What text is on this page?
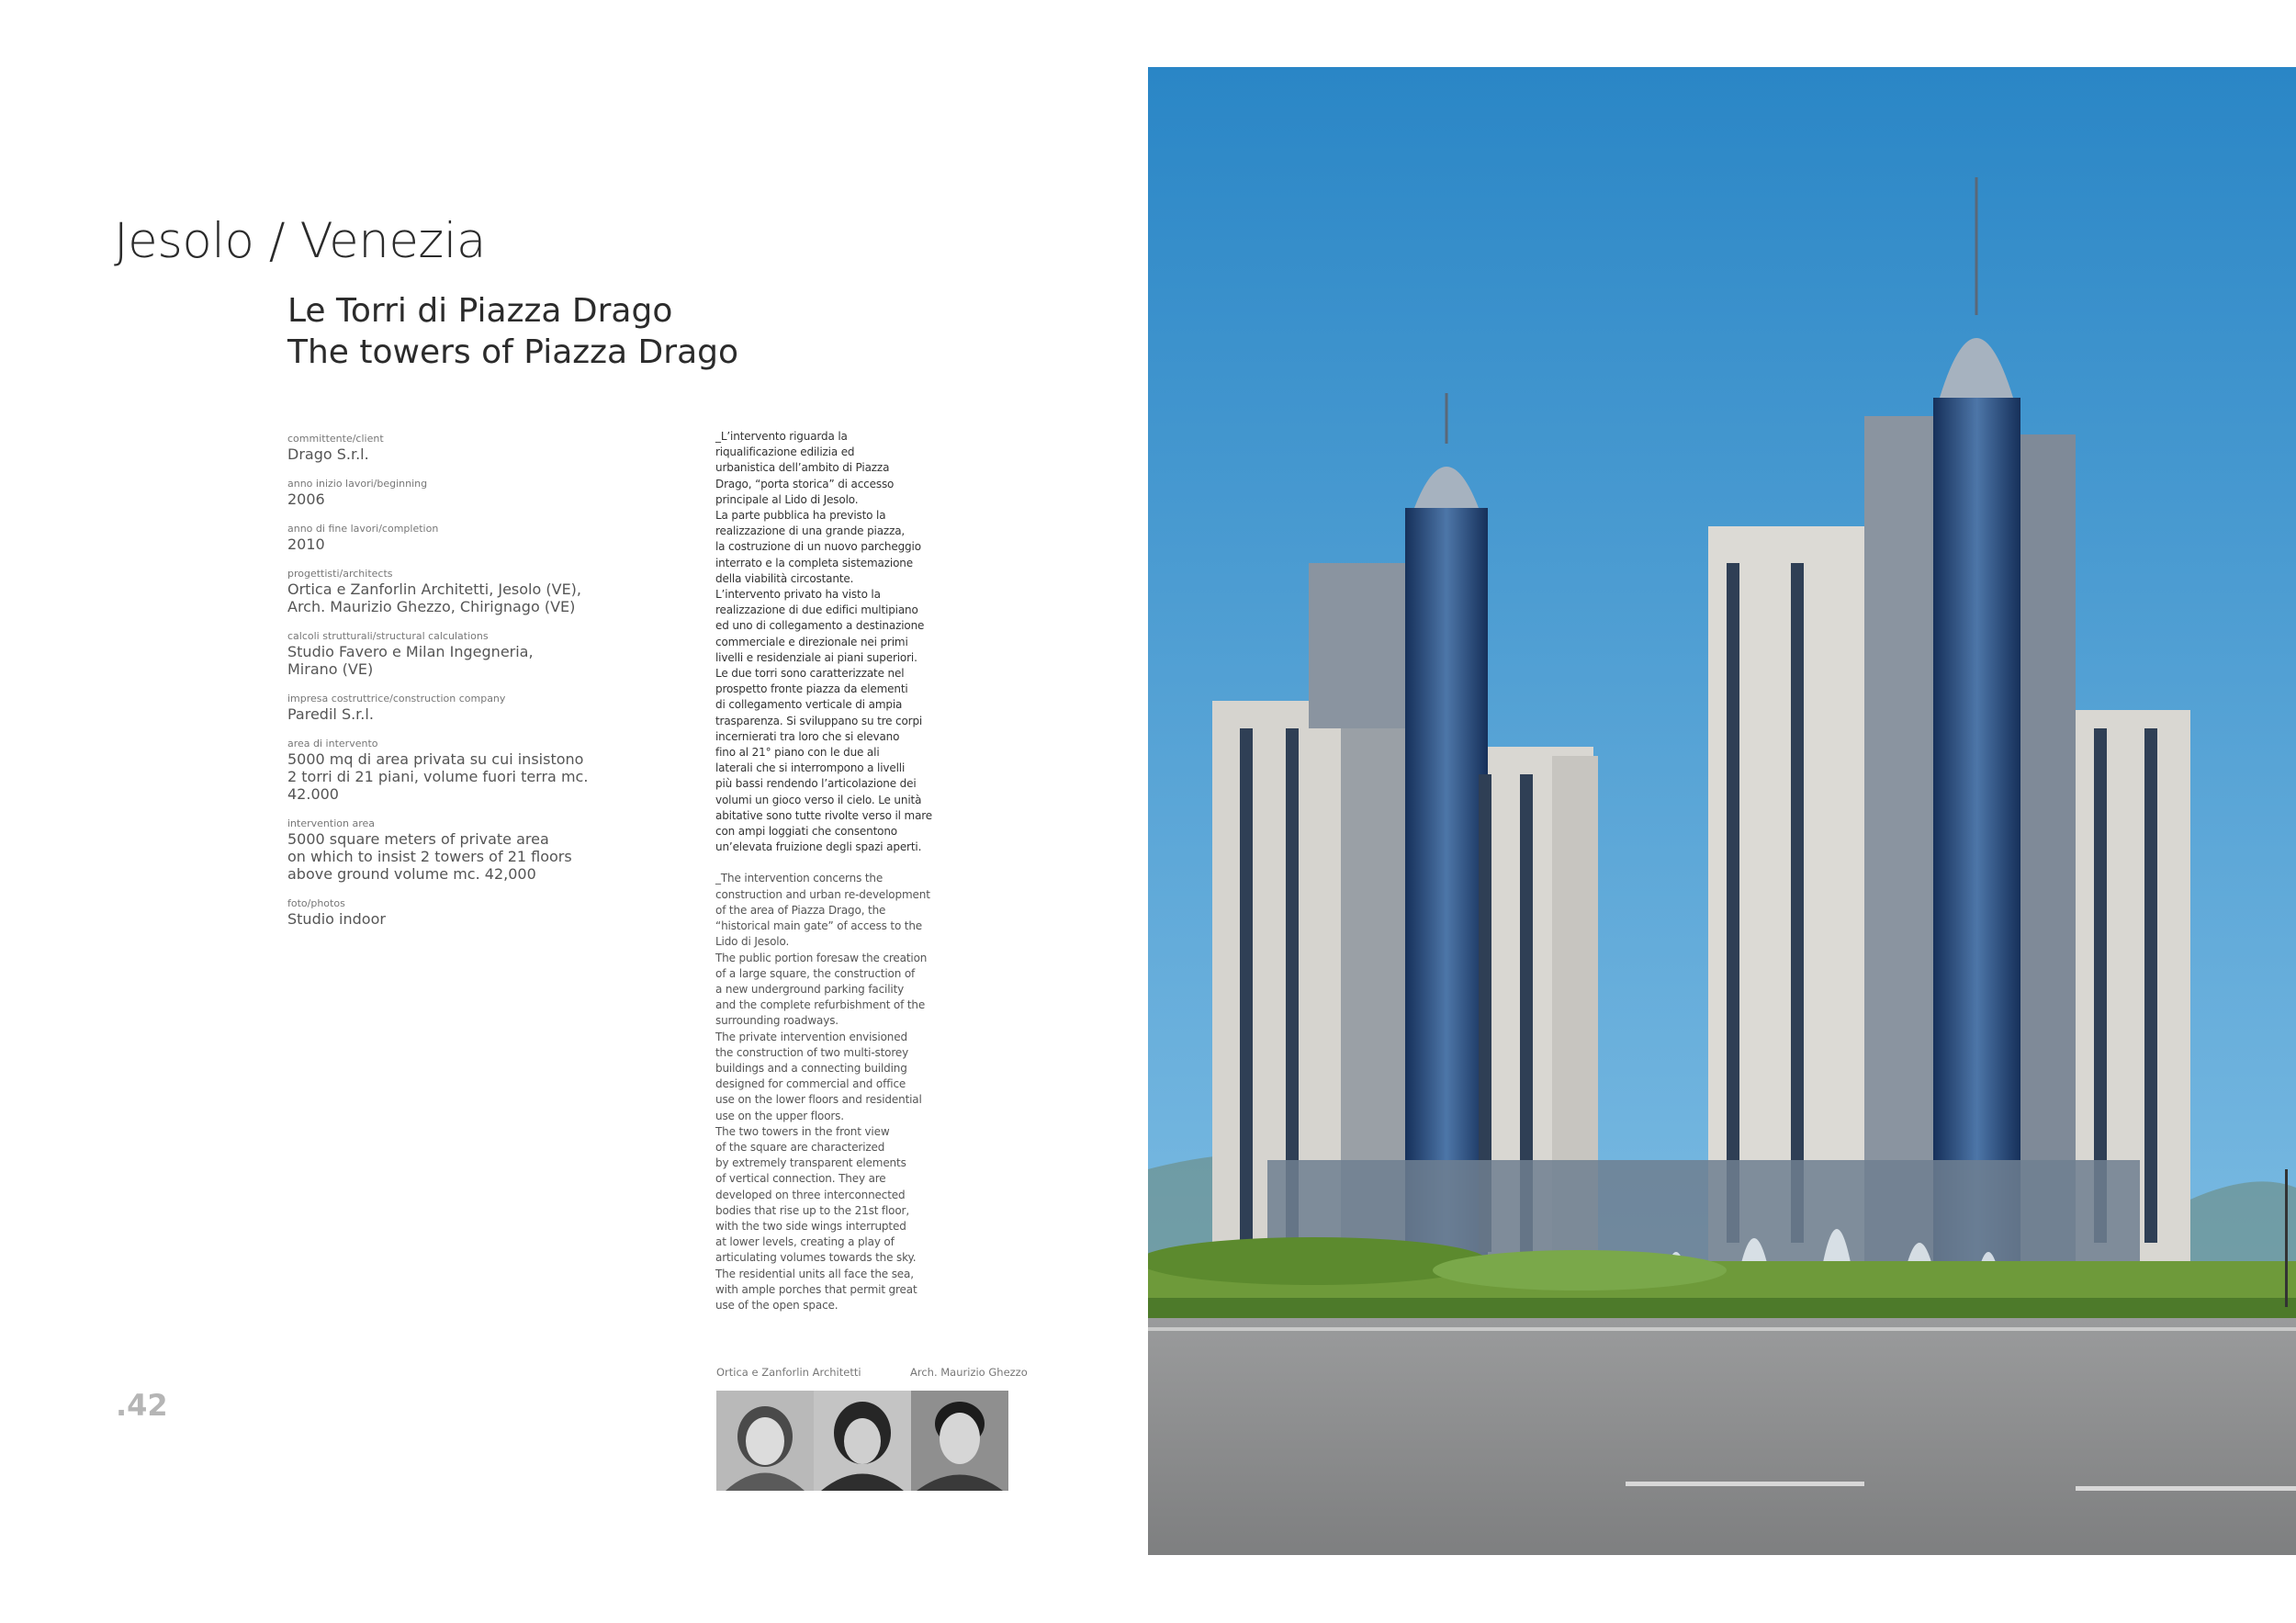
Jesolo / Venezia
Le Torri di Piazza Drago
The towers of Piazza Drago
committente/client
Drago S.r.l.
anno inizio lavori/beginning
2006
anno di fine lavori/completion
2010
progettisti/architects
Ortica e Zanforlin Architetti, Jesolo (VE),
Arch. Maurizio Ghezzo, Chirignago (VE)
calcoli strutturali/structural calculations
Studio Favero e Milan Ingegneria,
Mirano (VE)
impresa costruttrice/construction company
Paredil S.r.l.
area di intervento
5000 mq di area privata su cui insistono
2 torri di 21 piani, volume fuori terra mc.
42.000
intervention area
5000 square meters of private area
on which to insist 2 towers of 21 floors
above ground volume mc. 42,000
foto/photos
Studio indoor

_L’intervento riguarda la
riqualificazione edilizia ed
urbanistica dell’ambito di Piazza
Drago, “porta storica” di accesso
principale al Lido di Jesolo.
La parte pubblica ha previsto la
realizzazione di una grande piazza,
la costruzione di un nuovo parcheggio
interrato e la completa sistemazione
della viabilità circostante.
L’intervento privato ha visto la
realizzazione di due edifici multipiano
ed uno di collegamento a destinazione
commerciale e direzionale nei primi
livelli e residenziale ai piani superiori.
Le due torri sono caratterizzate nel
prospetto fronte piazza da elementi
di collegamento verticale di ampia
trasparenza. Si sviluppano su tre corpi
incernierati tra loro che si elevano
fino al 21° piano con le due ali
laterali che si interrompono a livelli
più bassi rendendo l’articolazione dei
volumi un gioco verso il cielo. Le unità
abitative sono tutte rivolte verso il mare
con ampi loggiati che consentono
un’elevata fruizione degli spazi aperti.

_The intervention concerns the
construction and urban re-development
of the area of Piazza Drago, the
“historical main gate” of access to the
Lido di Jesolo.
The public portion foresaw the creation
of a large square, the construction of
a new underground parking facility
and the complete refurbishment of the
surrounding roadways.
The private intervention envisioned
the construction of two multi-storey
buildings and a connecting building
designed for commercial and office
use on the lower floors and residential
use on the upper floors.
The two towers in the front view
of the square are characterized
by extremely transparent elements
of vertical connection. They are
developed on three interconnected
bodies that rise up to the 21st floor,
with the two side wings interrupted
at lower levels, creating a play of
articulating volumes towards the sky.
The residential units all face the sea,
with ample porches that permit great
use of the open space.

Ortica e Zanforlin Architetti	Arch. Maurizio Ghezzo
.42
